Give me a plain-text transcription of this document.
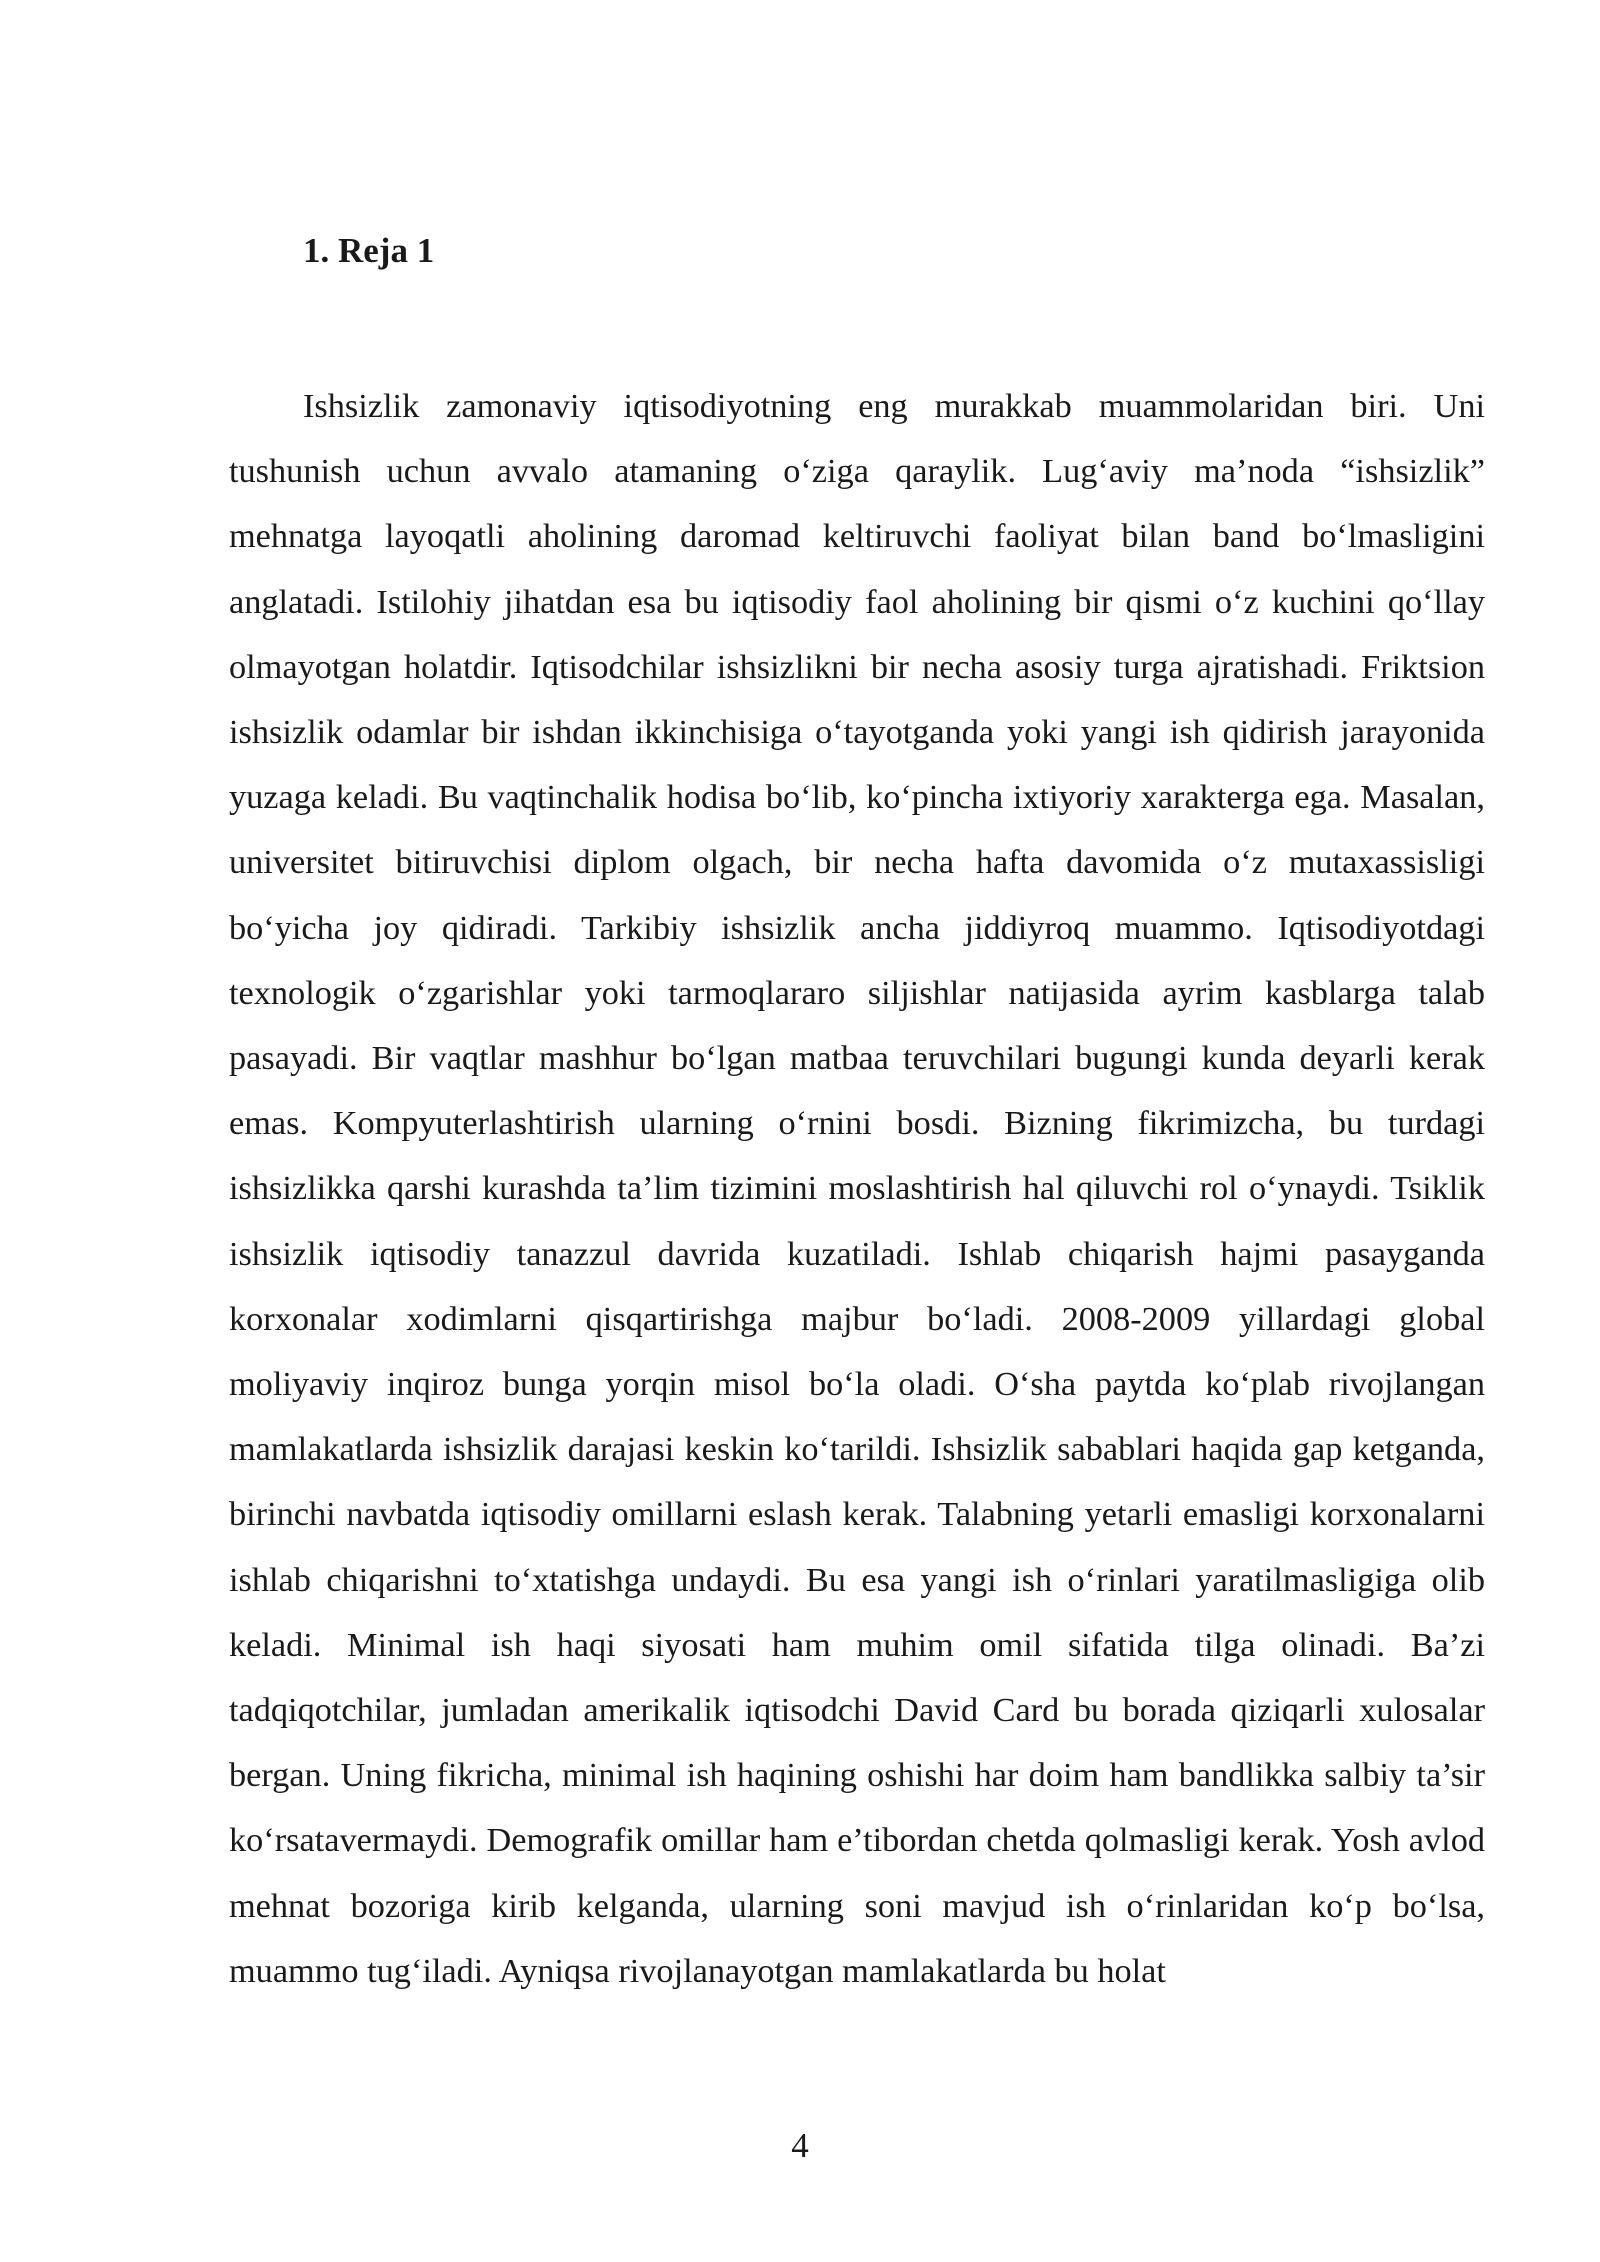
1. Reja 1

Ishsizlik zamonaviy iqtisodiyotning eng murakkab muammolaridan biri. Uni tushunish uchun avvalo atamaning o‘ziga qaraylik. Lug‘aviy ma’noda “ishsizlik” mehnatga layoqatli aholining daromad keltiruvchi faoliyat bilan band bo‘lmasligini anglatadi. Istilohiy jihatdan esa bu iqtisodiy faol aholining bir qismi o‘z kuchini qo‘llay olmayotgan holatdir. Iqtisodchilar ishsizlikni bir necha asosiy turga ajratishadi. Friktsion ishsizlik odamlar bir ishdan ikkinchisiga o‘tayotganda yoki yangi ish qidirish jarayonida yuzaga keladi. Bu vaqtinchalik hodisa bo‘lib, ko‘pincha ixtiyoriy xarakterga ega. Masalan, universitet bitiruvchisi diplom olgach, bir necha hafta davomida o‘z mutaxassisligi bo‘yicha joy qidiradi. Tarkibiy ishsizlik ancha jiddiyroq muammo. Iqtisodiyotdagi texnologik o‘zgarishlar yoki tarmoqlararo siljishlar natijasida ayrim kasblarga talab pasayadi. Bir vaqtlar mashhur bo‘lgan matbaa teruvchilari bugungi kunda deyarli kerak emas. Kompyuterlashtirish ularning o‘rnini bosdi. Bizning fikrimizcha, bu turdagi ishsizlikka qarshi kurashda ta’lim tizimini moslashtirish hal qiluvchi rol o‘ynaydi. Tsiklik ishsizlik iqtisodiy tanazzul davrida kuzatiladi. Ishlab chiqarish hajmi pasayganda korxonalar xodimlarni qisqartirishga majbur bo‘ladi. 2008-2009 yillardagi global moliyaviy inqiroz bunga yorqin misol bo‘la oladi. O‘sha paytda ko‘plab rivojlangan mamlakatlarda ishsizlik darajasi keskin ko‘tarildi. Ishsizlik sabablari haqida gap ketganda, birinchi navbatda iqtisodiy omillarni eslash kerak. Talabning yetarli emasligi korxonalarni ishlab chiqarishni to‘xtatishga undaydi. Bu esa yangi ish o‘rinlari yaratilmasligiga olib keladi. Minimal ish haqi siyosati ham muhim omil sifatida tilga olinadi. Ba’zi tadqiqotchilar, jumladan amerikalik iqtisodchi David Card bu borada qiziqarli xulosalar bergan. Uning fikricha, minimal ish haqining oshishi har doim ham bandlikka salbiy ta’sir ko‘rsatavermaydi. Demografik omillar ham e’tibordan chetda qolmasligi kerak. Yosh avlod mehnat bozoriga kirib kelganda, ularning soni mavjud ish o‘rinlaridan ko‘p bo‘lsa, muammo tug‘iladi. Ayniqsa rivojlanayotgan mamlakatlarda bu holat

4
